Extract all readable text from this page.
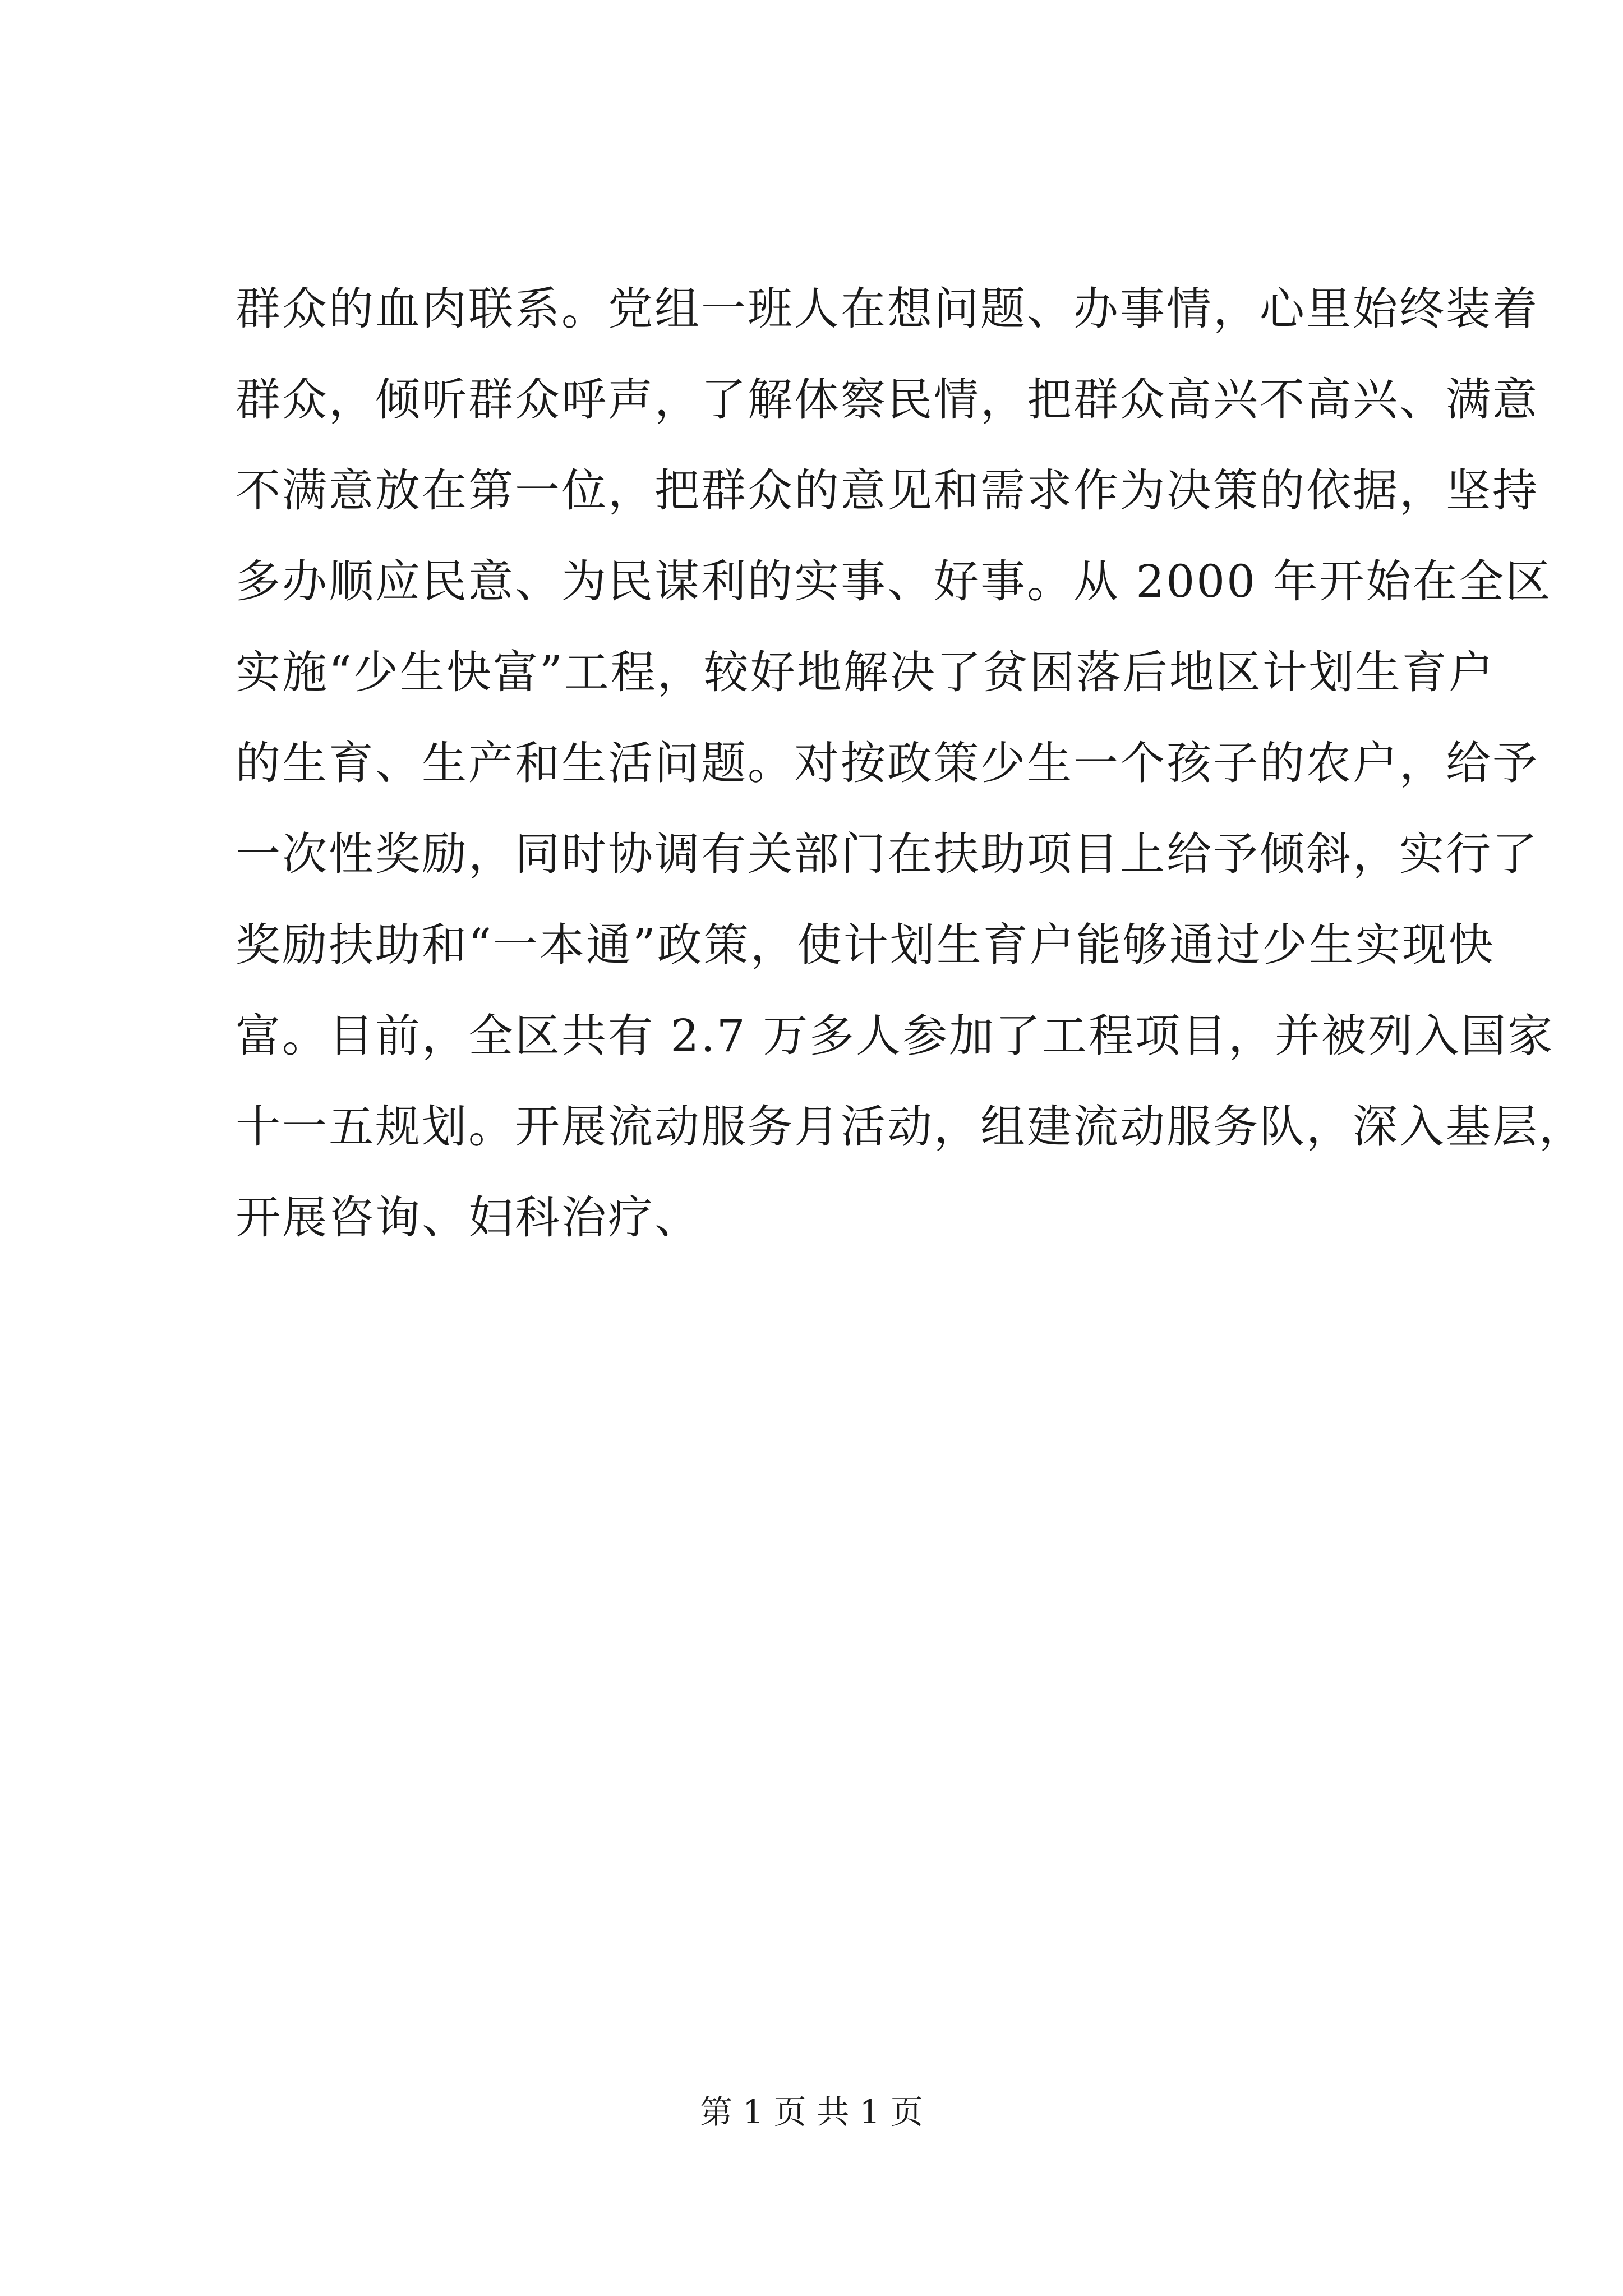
群众的血肉联系。党组一班人在想问题、办事情，心里始终装着
群众，倾听群众呼声，了解体察民情，把群众高兴不高兴、满意
不满意放在第一位，把群众的意见和需求作为决策的依据，坚持
多办顺应民意、为民谋利的实事、好事。从 2000 年开始在全区
实施“少生快富”工程，较好地解决了贫困落后地区计划生育户
的生育、生产和生活问题。对按政策少生一个孩子的农户，给予
一次性奖励，同时协调有关部门在扶助项目上给予倾斜，实行了
奖励扶助和“一本通”政策，使计划生育户能够通过少生实现快
富。目前，全区共有 2.7 万多人参加了工程项目，并被列入国家
十一五规划。开展流动服务月活动，组建流动服务队，深入基层，
开展咨询、妇科治疗、
第 1 页 共 1 页
